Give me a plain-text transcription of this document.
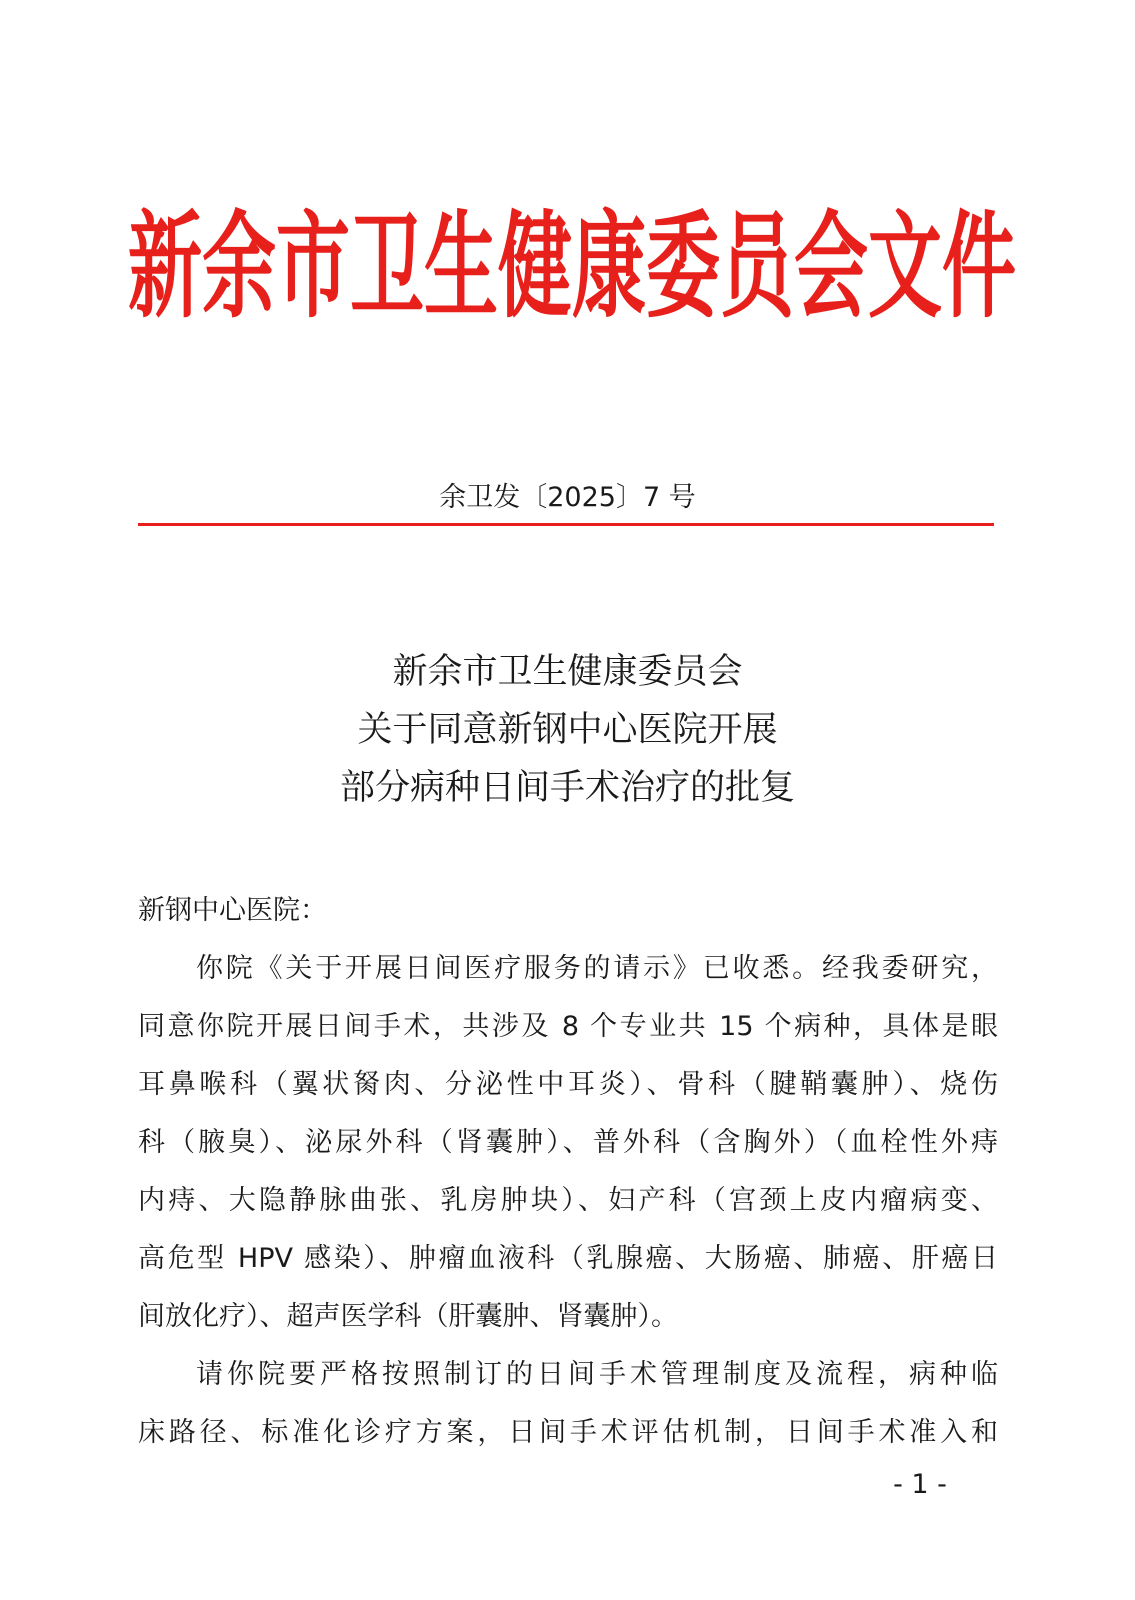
新余市卫生健康委员会文件
余卫发〔2025〕7 号
新余市卫生健康委员会
关于同意新钢中心医院开展
部分病种日间手术治疗的批复
新钢中心医院：
你院《关于开展日间医疗服务的请示》已收悉。经我委研究，
同意你院开展日间手术，共涉及 8 个专业共 15 个病种，具体是眼
耳鼻喉科（翼状胬肉、分泌性中耳炎）、骨科（腱鞘囊肿）、烧伤
科（腋臭）、泌尿外科（肾囊肿）、普外科（含胸外）（血栓性外痔
内痔、大隐静脉曲张、乳房肿块）、妇产科（宫颈上皮内瘤病变、
高危型 HPV 感染）、肿瘤血液科（乳腺癌、大肠癌、肺癌、肝癌日
间放化疗）、超声医学科（肝囊肿、肾囊肿）。
请你院要严格按照制订的日间手术管理制度及流程，病种临
床路径、标准化诊疗方案，日间手术评估机制，日间手术准入和
- 1 -
